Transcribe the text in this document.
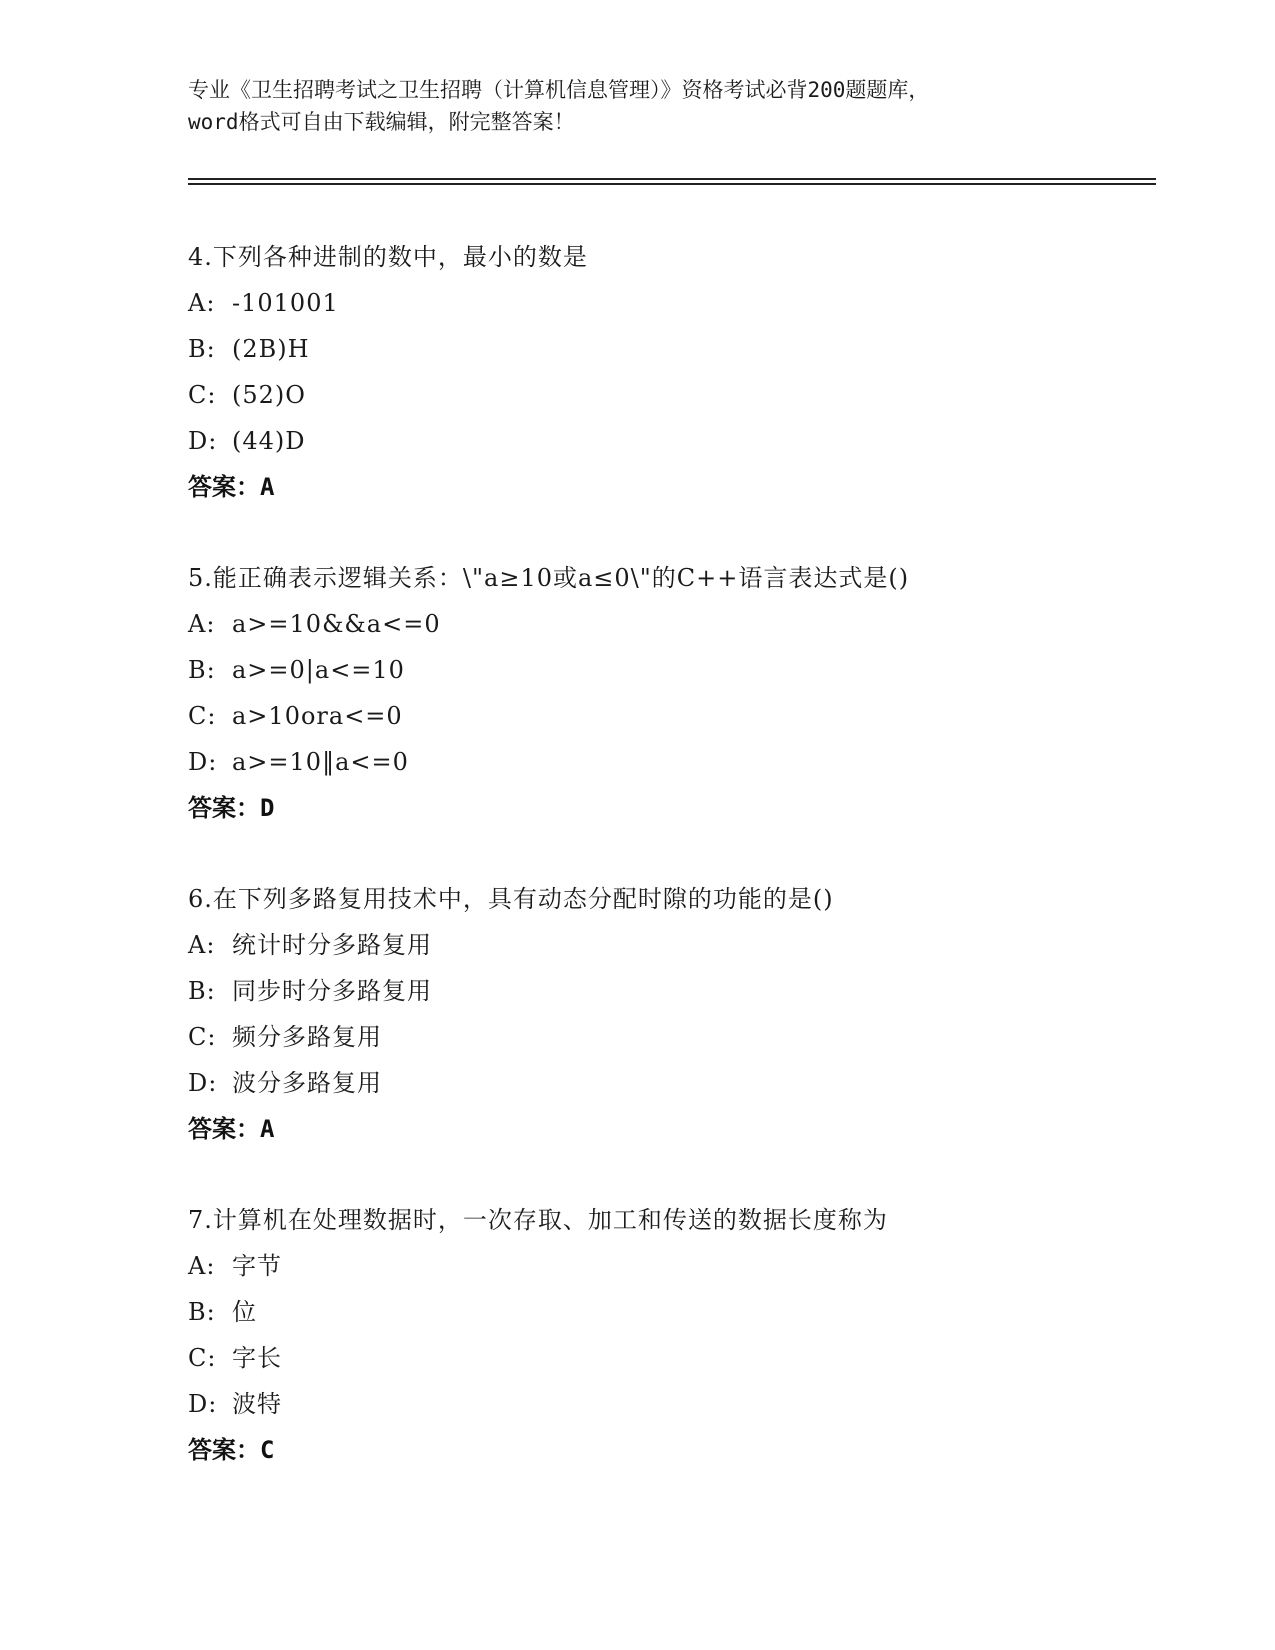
专业《卫生招聘考试之卫生招聘（计算机信息管理）》资格考试必背200题题库，

word格式可自由下载编辑，附完整答案！

4.下列各种进制的数中，最小的数是
A: -101001
B: (2B)H
C: (52)O
D: (44)D
答案：A
5.能正确表示逻辑关系：\"a≥10或a≤0\"的C++语言表达式是()
A: a>=10&&a<=0
B: a>=0|a<=10
C: a>10ora<=0
D: a>=10‖a<=0
答案：D
6.在下列多路复用技术中，具有动态分配时隙的功能的是()
A: 统计时分多路复用
B: 同步时分多路复用
C: 频分多路复用
D: 波分多路复用
答案：A
7.计算机在处理数据时，一次存取、加工和传送的数据长度称为
A: 字节
B: 位
C: 字长
D: 波特
答案：C
